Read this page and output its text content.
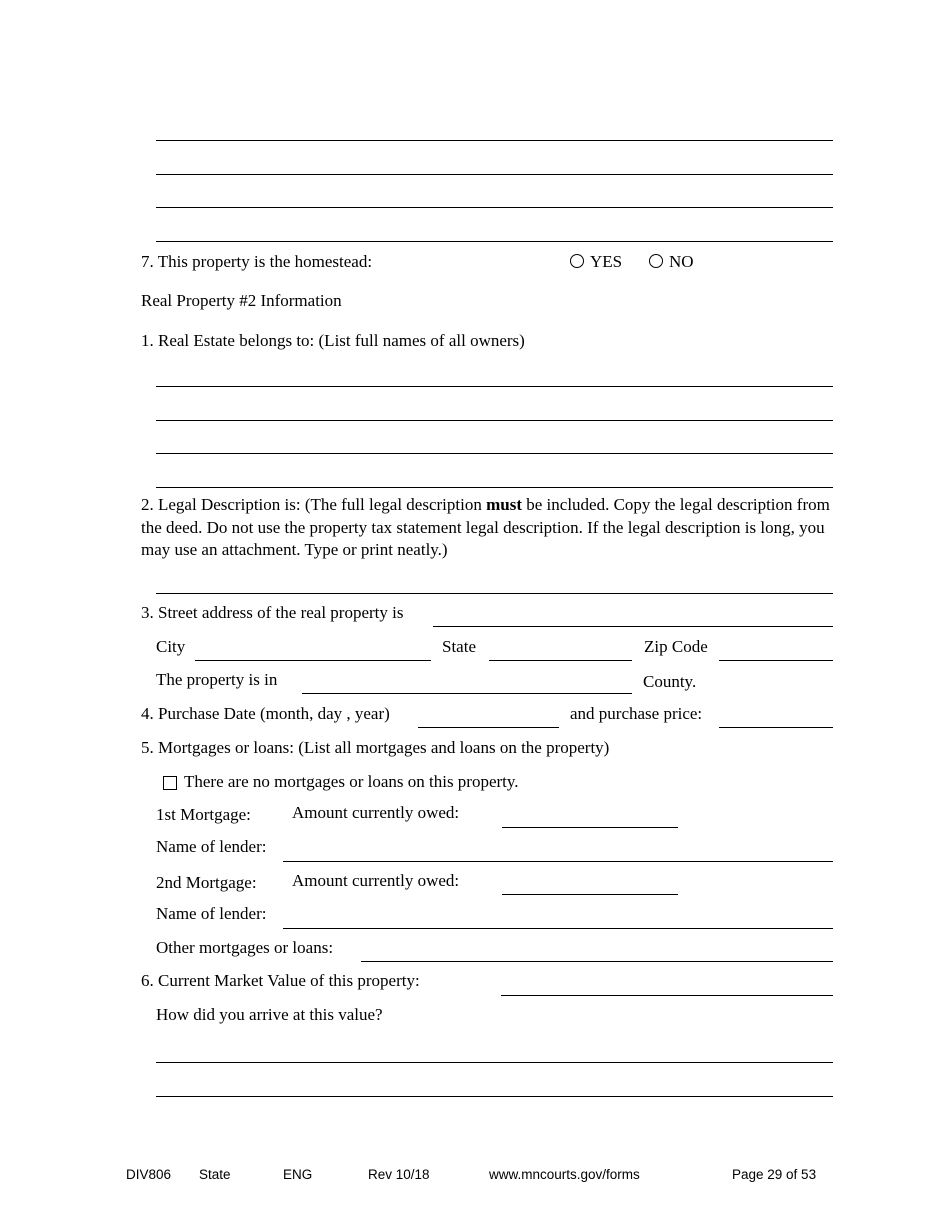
7. This property is the homestead:	YES	NO
Real Property #2 Information
1. Real Estate belongs to: (List full names of all owners)
2. Legal Description is: (The full legal description must be included. Copy the legal description from the deed. Do not use the property tax statement legal description. If the legal description is long, you may use an attachment. Type or print neatly.)
3. Street address of the real property is
City	State	Zip Code
The property is in	County.
4. Purchase Date (month, day , year)	and purchase price:
5. Mortgages or loans: (List all mortgages and loans on the property)
There are no mortgages or loans on this property.
1st Mortgage: Amount currently owed:
Name of lender:
2nd Mortgage: Amount currently owed:
Name of lender:
Other mortgages or loans:
6. Current Market Value of this property:
How did you arrive at this value?
DIV806 State	ENG	Rev 10/18	www.mncourts.gov/forms	Page 29 of 53
